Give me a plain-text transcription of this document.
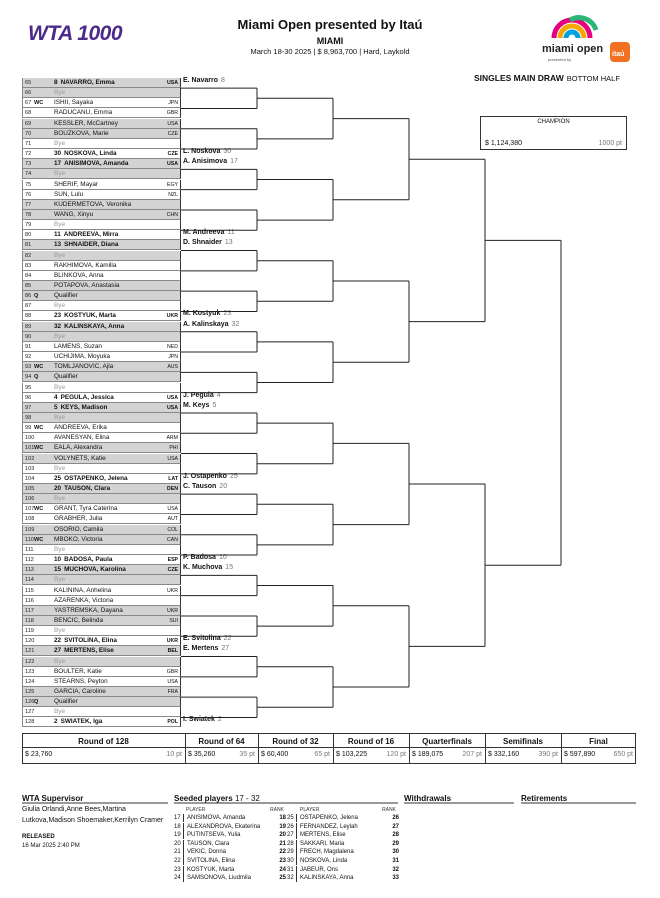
WTA 1000	Miami Open presented by Itaú
MIAMI
March 18-30 2025 | $ 8,963,700 | Hard, Laykold	miami open
presented by
itaú
SINGLES MAIN DRAW BOTTOM HALF
CHAMPION
$ 1,124,380	1000 pt
65	8 NAVARRO, Emma	USA
66	Bye
67 WC ISHII, Sayaka	JPN
68	RADUCANU, Emma	GBR
69	KESSLER, McCartney	USA
70	BOUZKOVA, Marie	CZE
71	Bye
72	30 NOSKOVA, Linda	CZE
73	17 ANISIMOVA, Amanda	USA
74	Bye
75	SHERIF, Mayar	EGY
76	SUN, Lulu	NZL
77	KUDERMETOVA, Veronika
78	WANG, Xinyu	CHN
79	Bye
80	11 ANDREEVA, Mirra
81	13 SHNAIDER, Diana
82	Bye
83	RAKHIMOVA, Kamilla
84	BLINKOVA, Anna
85	POTAPOVA, Anastasia
86 Q Qualifier
87	Bye
88	23 KOSTYUK, Marta	UKR
89	32 KALINSKAYA, Anna
90	Bye
91	LAMENS, Suzan	NED
92	UCHIJIMA, Moyuka	JPN
93 WC TOMLJANOVIC, Ajla	AUS
94 Q Qualifier
95	Bye
96	4 PEGULA, Jessica	USA
97	5 KEYS, Madison	USA
98	Bye
99 WC ANDREEVA, Erika
100	AVANESYAN, Elina	ARM
101 WC EALA, Alexandra	PHI
102	VOLYNETS, Katie	USA
103	Bye
104	25 OSTAPENKO, Jelena	LAT
105	20 TAUSON, Clara	DEN
106	Bye
107 WC GRANT, Tyra Caterina	USA
108	GRABHER, Julia	AUT
109	OSORIO, Camila	COL
110 WC MBOKO, Victoria	CAN
111	Bye
112	10 BADOSA, Paula	ESP
113	15 MUCHOVA, Karolina	CZE
114	Bye
115	KALININA, Anhelina	UKR
116	AZARENKA, Victoria
117	YASTREMSKA, Dayana	UKR
118	BENCIC, Belinda	SUI
119	Bye
120	22 SVITOLINA, Elina	UKR
121	27 MERTENS, Elise	BEL
122	Bye
123	BOULTER, Katie	GBR
124	STEARNS, Peyton	USA
125	GARCIA, Caroline	FRA
126 Q Qualifier
127	Bye
128	2 SWIATEK, Iga	POL
E. Navarro 8
L. Noskova 30
A. Anisimova 17
M. Andreeva 11
D. Shnaider 13
M. Kostyuk 23
A. Kalinskaya 32
J. Pegula 4
M. Keys 5
J. Ostapenko 25
C. Tauson 20
P. Badosa 10
K. Muchova 15
E. Svitolina 22
E. Mertens 27
I. Swiatek 2
Round of 128
$ 23,760	10 pt
Round of 64
$ 35,260	35 pt
Round of 32
$ 60,400	65 pt
Round of 16
$ 103,225	120 pt
Quarterfinals
$ 189,075	207 pt
Semifinals
$ 332,160	390 pt
Final
$ 597,890	650 pt
WTA Supervisor
Giulia Orlandi,Anne Bees,Martina
Lutkova,Madison Shoemaker,Kerrilyn Cramer
RELEASED
16 Mar 2025 2:40 PM
Seeded players 17 - 32
PLAYER	RANK	PLAYER	RANK
17	ANISIMOVA, Amanda	18
18	ALEXANDROVA, Ekaterina	19
19	PUTINTSEVA, Yulia	20
20	TAUSON, Clara	21
21	VEKIC, Donna	22
22	SVITOLINA, Elina	23
23	KOSTYUK, Marta	24
24	SAMSONOVA, Liudmila	25
25	OSTAPENKO, Jelena	26
26	FERNANDEZ, Leylah	27
27	MERTENS, Elise	28
28	SAKKARI, Maria	29
29	FRECH, Magdalena	30
30	NOSKOVA, Linda	31
31	JABEUR, Ons	32
32	KALINSKAYA, Anna	33
Withdrawals	Retirements
